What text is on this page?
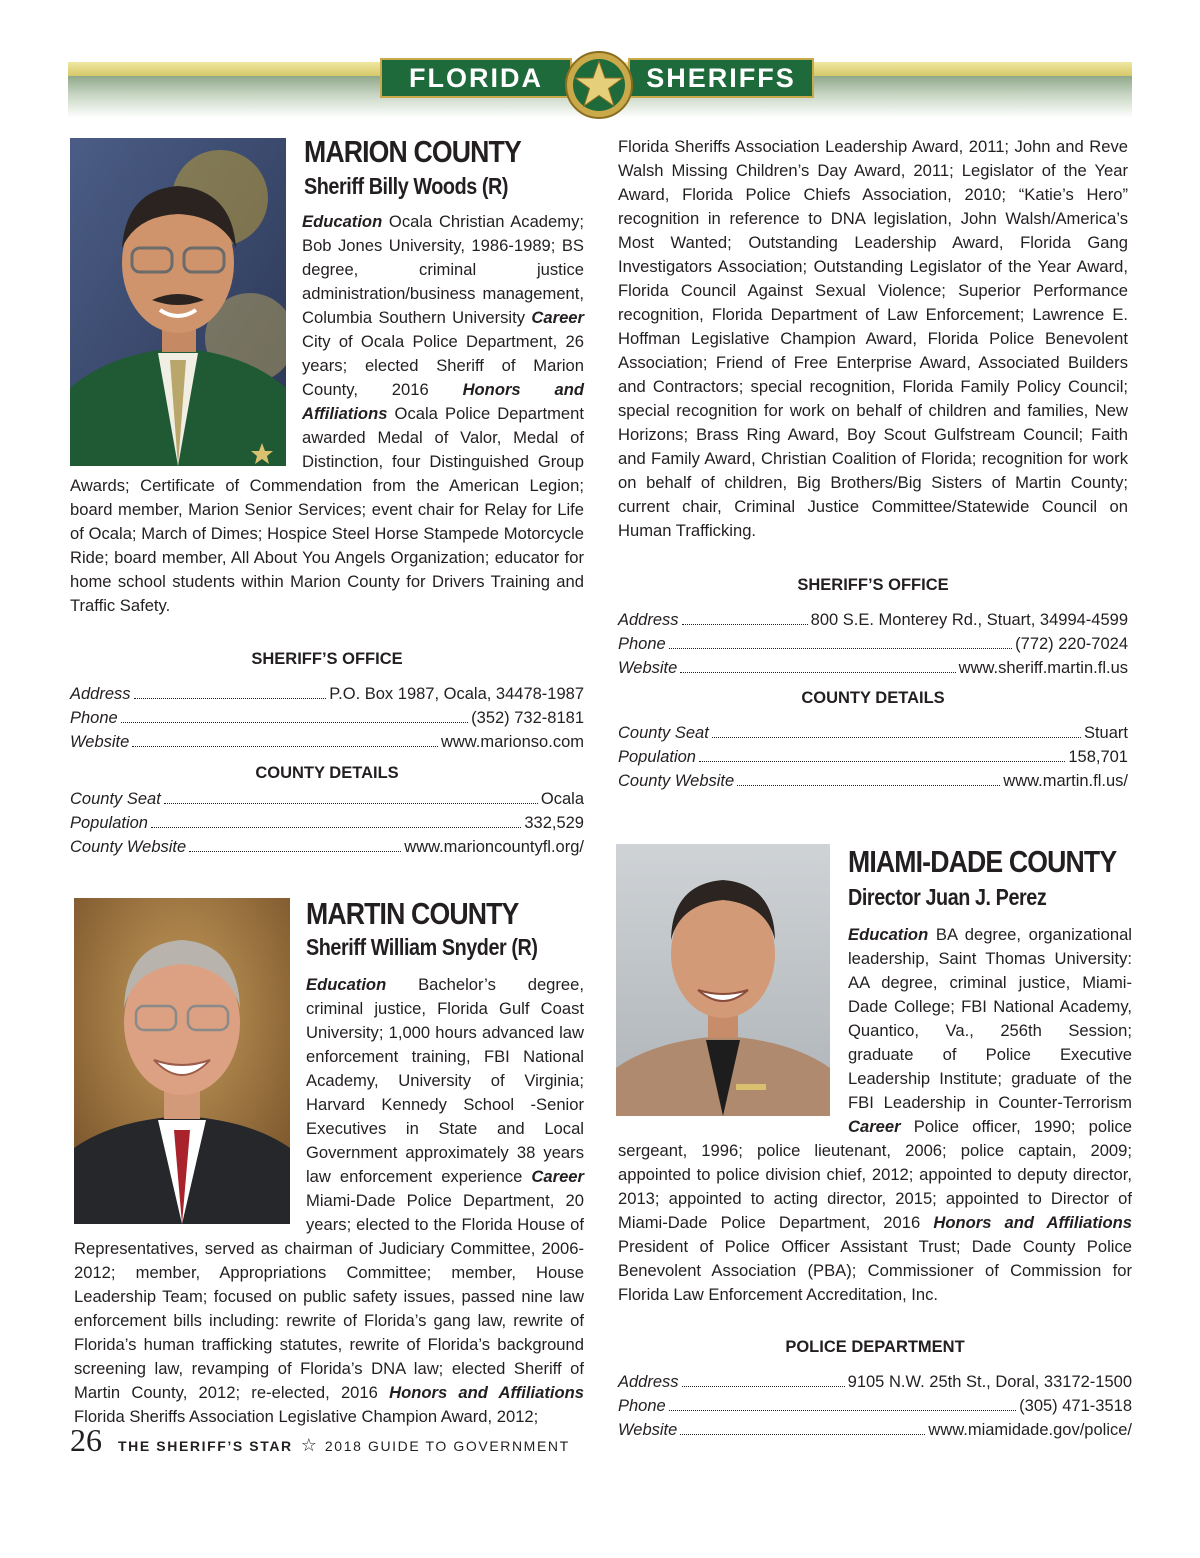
FLORIDA	SHERIFFS
MARION COUNTY
Sheriff Billy Woods (R)
Education Ocala Christian Academy; Bob Jones University, 1986-1989; BS degree, criminal justice administration/business management, Columbia Southern University Career City of Ocala Police Department, 26 years; elected Sheriff of Marion County, 2016 Honors and Affiliations Ocala Police Department awarded Medal of Valor, Medal of Distinction, four Distinguished Group Awards; Certificate of Commendation from the American Legion; board member, Marion Senior Services; event chair for Relay for Life of Ocala; March of Dimes; Hospice Steel Horse Stampede Motorcycle Ride; board member, All About You Angels Organization; educator for home school students within Marion County for Drivers Training and Traffic Safety.
SHERIFF’S OFFICE
Address	P.O. Box 1987, Ocala, 34478-1987
Phone	(352) 732-8181
Website	www.marionso.com
COUNTY DETAILS
County Seat	Ocala
Population	332,529
County Website	www.marioncountyfl.org/
MARTIN COUNTY
Sheriff William Snyder (R)
Education Bachelor’s degree, criminal justice, Florida Gulf Coast University; 1,000 hours advanced law enforcement training, FBI National Academy, University of Virginia; Harvard Kennedy School -Senior Executives in State and Local Government approximately 38 years law enforcement experience Career Miami-Dade Police Department, 20 years; elected to the Florida House of Representatives, served as chairman of Judiciary Committee, 2006-2012; member, Appropriations Committee; member, House Leadership Team; focused on public safety issues, passed nine law enforcement bills including: rewrite of Florida’s gang law, rewrite of Florida’s human trafficking statutes, rewrite of Florida’s background screening law, revamping of Florida’s DNA law; elected Sheriff of Martin County, 2012; re-elected, 2016 Honors and Affiliations Florida Sheriffs Association Legislative Champion Award, 2012;
Florida Sheriffs Association Leadership Award, 2011; John and Reve Walsh Missing Children’s Day Award, 2011; Legislator of the Year Award, Florida Police Chiefs Association, 2010; “Katie’s Hero” recognition in reference to DNA legislation, John Walsh/America’s Most Wanted; Outstanding Leadership Award, Florida Gang Investigators Association; Outstanding Legislator of the Year Award, Florida Council Against Sexual Violence; Superior Performance recognition, Florida Department of Law Enforcement; Lawrence E. Hoffman Legislative Champion Award, Florida Police Benevolent Association; Friend of Free Enterprise Award, Associated Builders and Contractors; special recognition, Florida Family Policy Council; special recognition for work on behalf of children and families, New Horizons; Brass Ring Award, Boy Scout Gulfstream Council; Faith and Family Award, Christian Coalition of Florida; recognition for work on behalf of children, Big Brothers/Big Sisters of Martin County; current chair, Criminal Justice Committee/Statewide Council on Human Trafficking.
SHERIFF’S OFFICE
Address	800 S.E. Monterey Rd., Stuart, 34994-4599
Phone	(772) 220-7024
Website	www.sheriff.martin.fl.us
COUNTY DETAILS
County Seat	Stuart
Population	158,701
County Website	www.martin.fl.us/
MIAMI-DADE COUNTY
Director Juan J. Perez
Education BA degree, organizational leadership, Saint Thomas University: AA degree, criminal justice, Miami-Dade College; FBI National Academy, Quantico, Va., 256th Session; graduate of Police Executive Leadership Institute; graduate of the FBI Leadership in Counter-Terrorism Career Police officer, 1990; police sergeant, 1996; police lieutenant, 2006; police captain, 2009; appointed to police division chief, 2012; appointed to deputy director, 2013; appointed to acting director, 2015; appointed to Director of Miami-Dade Police Department, 2016 Honors and Affiliations President of Police Officer Assistant Trust; Dade County Police Benevolent Association (PBA); Commissioner of Commission for Florida Law Enforcement Accreditation, Inc.
POLICE DEPARTMENT
Address	9105 N.W. 25th St., Doral, 33172-1500
Phone	(305) 471-3518
Website	www.miamidade.gov/police/
26 THE SHERIFF’S STAR ☆ 2018 GUIDE TO GOVERNMENT
